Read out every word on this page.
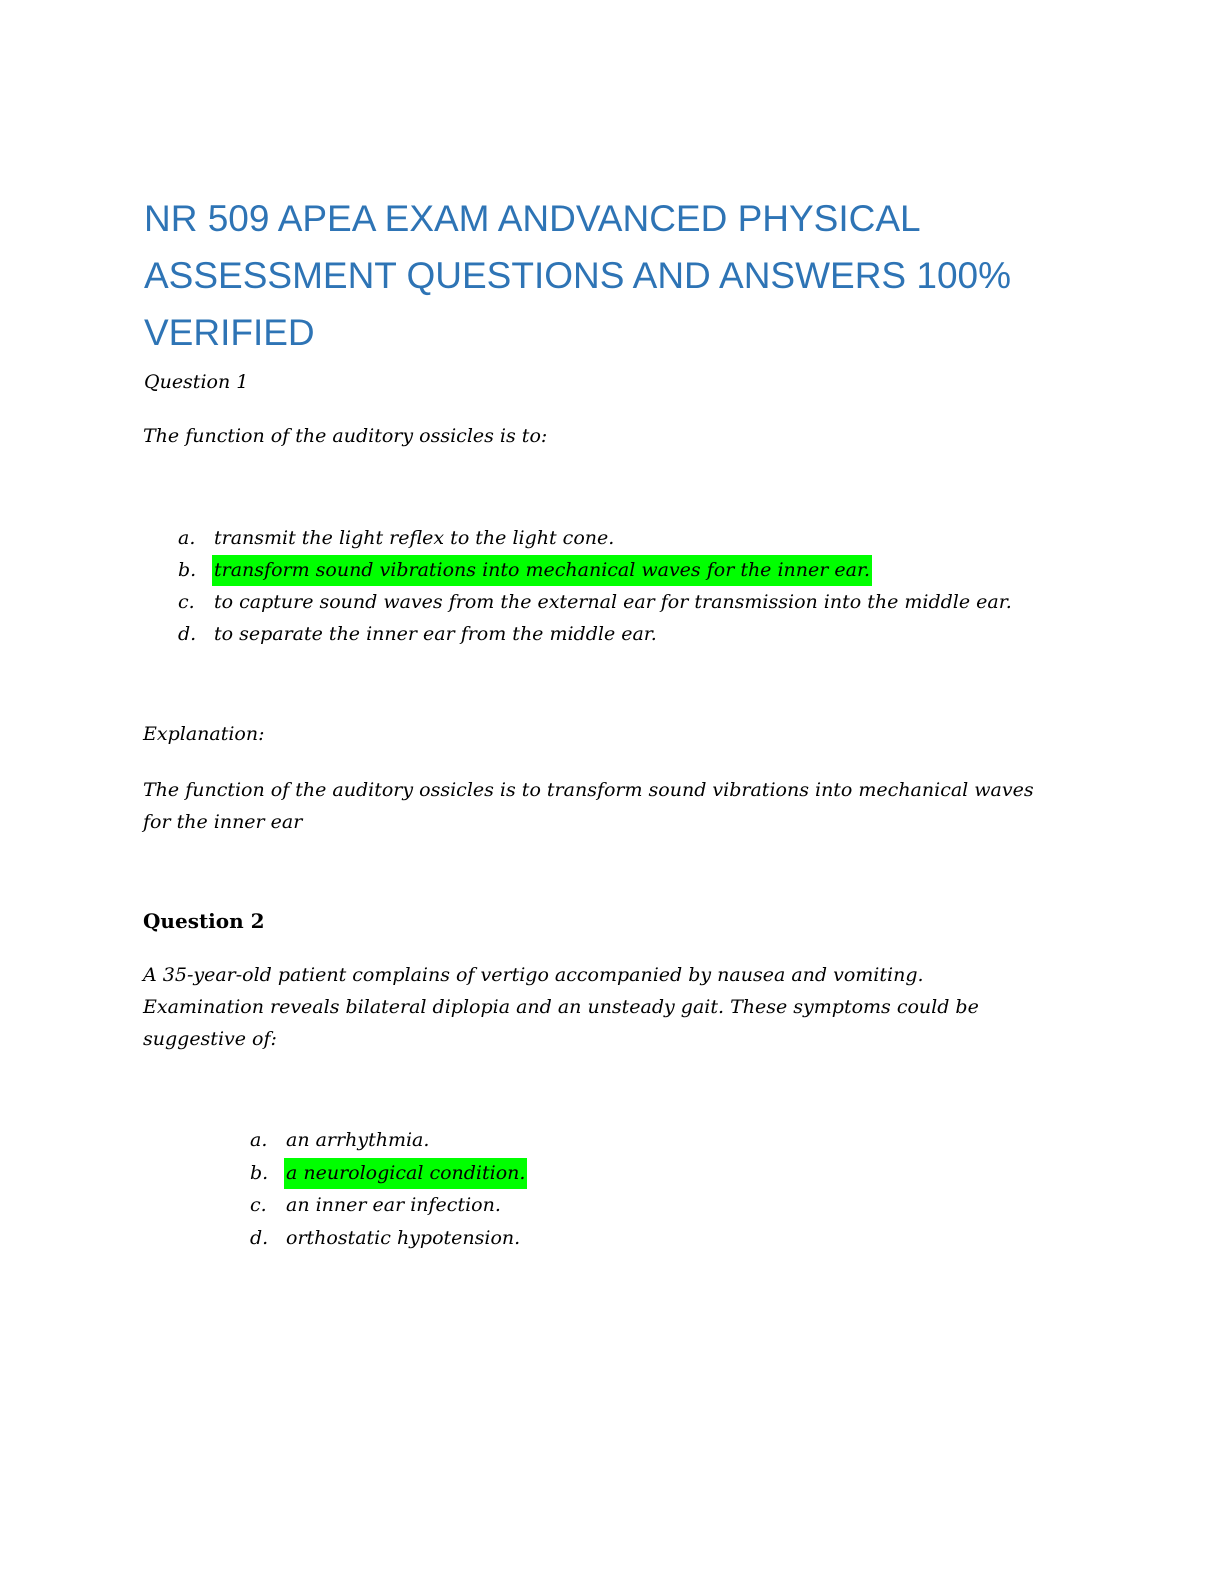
NR 509 APEA EXAM ANDVANCED PHYSICAL ASSESSMENT QUESTIONS AND ANSWERS 100% VERIFIED

Question 1

The function of the auditory ossicles is to:

a. transmit the light reflex to the light cone.
b. transform sound vibrations into mechanical waves for the inner ear.
c. to capture sound waves from the external ear for transmission into the middle ear.
d. to separate the inner ear from the middle ear.

Explanation:

The function of the auditory ossicles is to transform sound vibrations into mechanical waves for the inner ear

Question 2

A 35-year-old patient complains of vertigo accompanied by nausea and vomiting. Examination reveals bilateral diplopia and an unsteady gait. These symptoms could be suggestive of:

a. an arrhythmia.
b. a neurological condition.
c. an inner ear infection.
d. orthostatic hypotension.
